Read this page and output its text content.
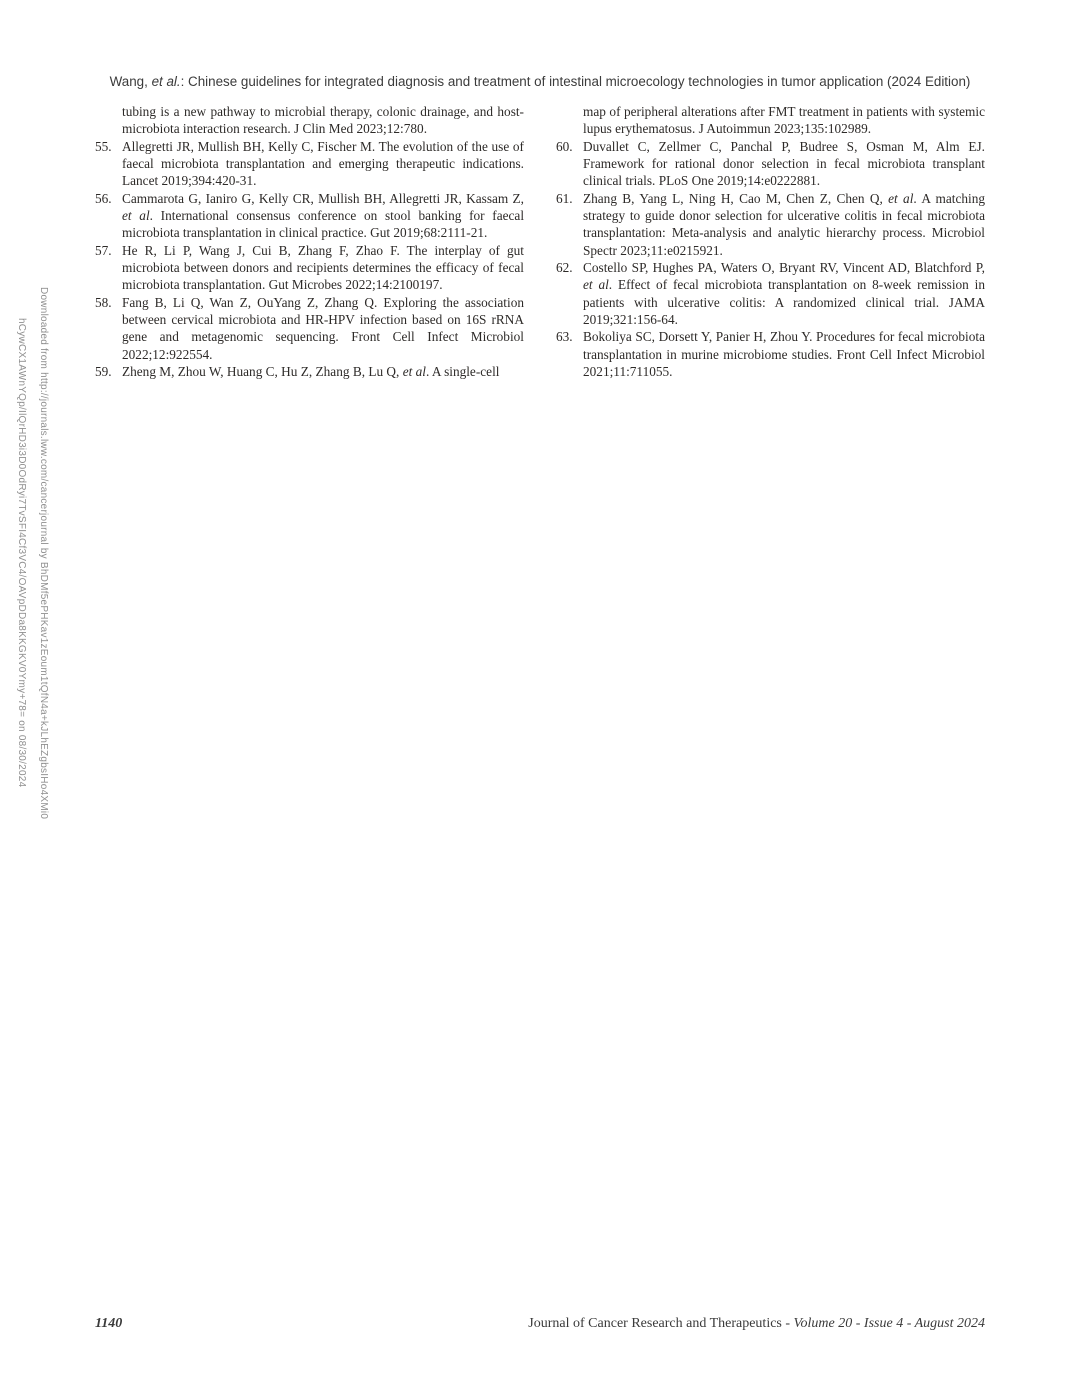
Wang, et al.: Chinese guidelines for integrated diagnosis and treatment of intestinal microecology technologies in tumor application (2024 Edition)
Downloaded from http://journals.lww.com/cancerjournal by BhDMf5ePHKav1zEoum1tQfN4a+kJLhEZgbsIHo4XMi0
hCywCX1AWnYQp/IlQrHD3i3D0OdRyi7TvSFI4Cf3VC4/OAVpDDa8KKGKV0Ymy+78= on 08/30/2024

tubing is a new pathway to microbial therapy, colonic drainage, and host-microbiota interaction research. J Clin Med 2023;12:780.

55. Allegretti JR, Mullish BH, Kelly C, Fischer M. The evolution of the use of faecal microbiota transplantation and emerging therapeutic indications. Lancet 2019;394:420-31.
56. Cammarota G, Ianiro G, Kelly CR, Mullish BH, Allegretti JR, Kassam Z, et al. International consensus conference on stool banking for faecal microbiota transplantation in clinical practice. Gut 2019;68:2111-21.
57. He R, Li P, Wang J, Cui B, Zhang F, Zhao F. The interplay of gut microbiota between donors and recipients determines the efficacy of fecal microbiota transplantation. Gut Microbes 2022;14:2100197.
58. Fang B, Li Q, Wan Z, OuYang Z, Zhang Q. Exploring the association between cervical microbiota and HR-HPV infection based on 16S rRNA gene and metagenomic sequencing. Front Cell Infect Microbiol 2022;12:922554.
59. Zheng M, Zhou W, Huang C, Hu Z, Zhang B, Lu Q, et al. A single-cell

map of peripheral alterations after FMT treatment in patients with systemic lupus erythematosus. J Autoimmun 2023;135:102989.

60. Duvallet C, Zellmer C, Panchal P, Budree S, Osman M, Alm EJ. Framework for rational donor selection in fecal microbiota transplant clinical trials. PLoS One 2019;14:e0222881.
61. Zhang B, Yang L, Ning H, Cao M, Chen Z, Chen Q, et al. A matching strategy to guide donor selection for ulcerative colitis in fecal microbiota transplantation: Meta-analysis and analytic hierarchy process. Microbiol Spectr 2023;11:e0215921.
62. Costello SP, Hughes PA, Waters O, Bryant RV, Vincent AD, Blatchford P, et al. Effect of fecal microbiota transplantation on 8-week remission in patients with ulcerative colitis: A randomized clinical trial. JAMA 2019;321:156-64.
63. Bokoliya SC, Dorsett Y, Panier H, Zhou Y. Procedures for fecal microbiota transplantation in murine microbiome studies. Front Cell Infect Microbiol 2021;11:711055.
1140	Journal of Cancer Research and Therapeutics - Volume 20 - Issue 4 - August 2024
